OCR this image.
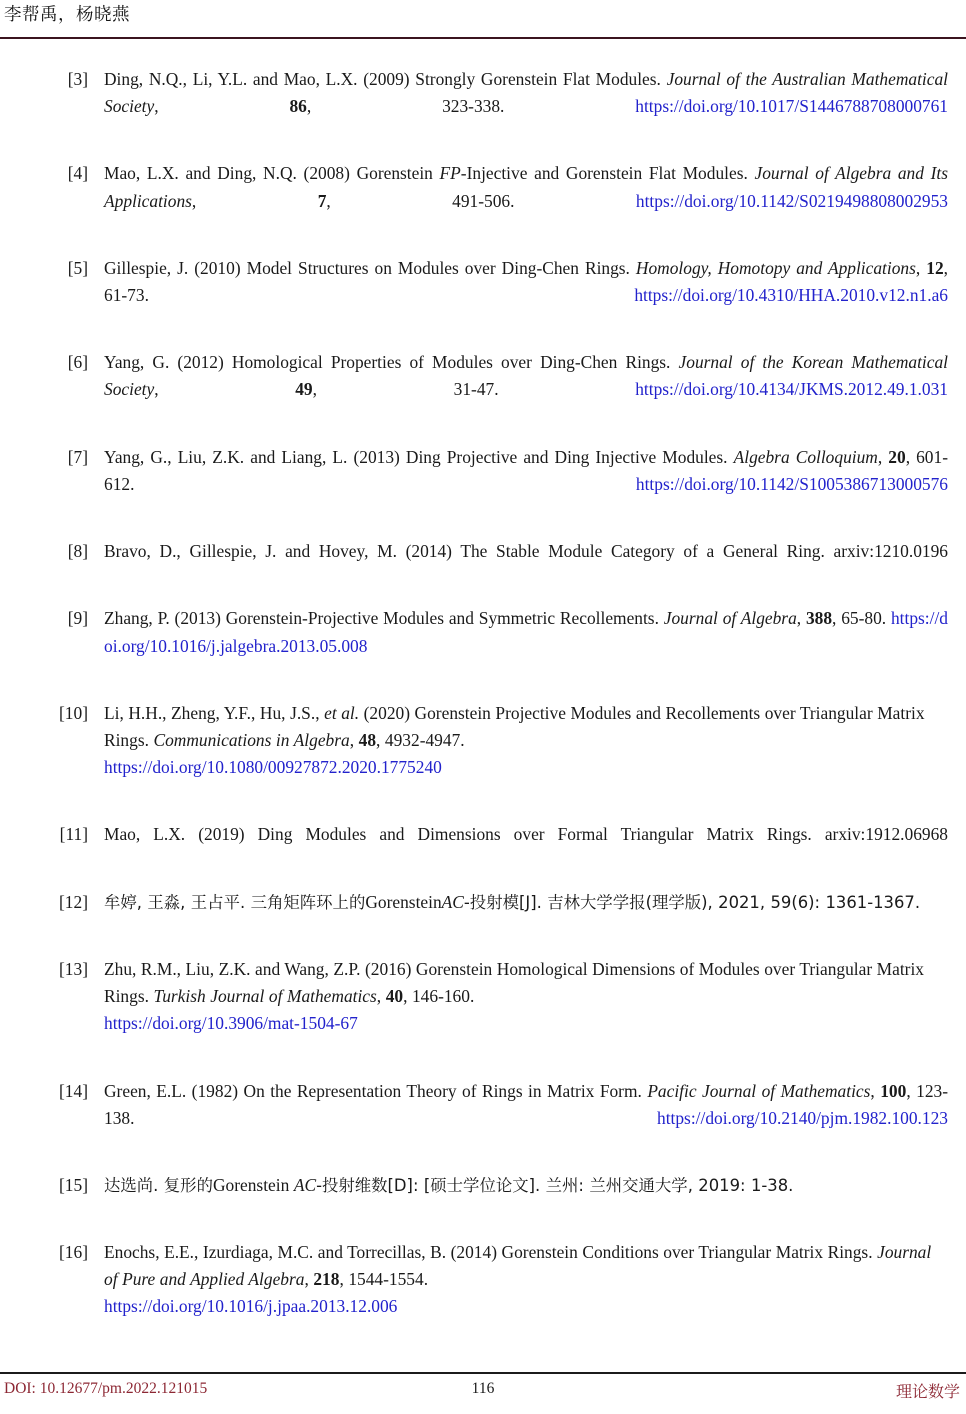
李帮禹，杨晓燕
[3] Ding, N.Q., Li, Y.L. and Mao, L.X. (2009) Strongly Gorenstein Flat Modules. Journal of the Australian Mathematical Society, 86, 323-338. https://doi.org/10.1017/S1446788708000761
[4] Mao, L.X. and Ding, N.Q. (2008) Gorenstein FP-Injective and Gorenstein Flat Modules. Journal of Algebra and Its Applications, 7, 491-506. https://doi.org/10.1142/S0219498808002953
[5] Gillespie, J. (2010) Model Structures on Modules over Ding-Chen Rings. Homology, Homotopy and Applications, 12, 61-73. https://doi.org/10.4310/HHA.2010.v12.n1.a6
[6] Yang, G. (2012) Homological Properties of Modules over Ding-Chen Rings. Journal of the Korean Mathematical Society, 49, 31-47. https://doi.org/10.4134/JKMS.2012.49.1.031
[7] Yang, G., Liu, Z.K. and Liang, L. (2013) Ding Projective and Ding Injective Modules. Algebra Colloquium, 20, 601-612. https://doi.org/10.1142/S1005386713000576
[8] Bravo, D., Gillespie, J. and Hovey, M. (2014) The Stable Module Category of a General Ring. arxiv:1210.0196
[9] Zhang, P. (2013) Gorenstein-Projective Modules and Symmetric Recollements. Journal of Algebra, 388, 65-80. https://doi.org/10.1016/j.jalgebra.2013.05.008
[10] Li, H.H., Zheng, Y.F., Hu, J.S., et al. (2020) Gorenstein Projective Modules and Recollements over Triangular Matrix Rings. Communications in Algebra, 48, 4932-4947.
https://doi.org/10.1080/00927872.2020.1775240
[11] Mao, L.X. (2019) Ding Modules and Dimensions over Formal Triangular Matrix Rings. arxiv:1912.06968
[12] 牟婷, 王淼, 王占平. 三角矩阵环上的GorensteinAC-投射模[J]. 吉林大学学报(理学版), 2021, 59(6): 1361-1367.
[13] Zhu, R.M., Liu, Z.K. and Wang, Z.P. (2016) Gorenstein Homological Dimensions of Modules over Triangular Matrix Rings. Turkish Journal of Mathematics, 40, 146-160.
https://doi.org/10.3906/mat-1504-67
[14] Green, E.L. (1982) On the Representation Theory of Rings in Matrix Form. Pacific Journal of Mathematics, 100, 123-138. https://doi.org/10.2140/pjm.1982.100.123
[15] 达选尚. 复形的Gorenstein AC-投射维数[D]: [硕士学位论文]. 兰州: 兰州交通大学, 2019: 1-38.
[16] Enochs, E.E., Izurdiaga, M.C. and Torrecillas, B. (2014) Gorenstein Conditions over Triangular Matrix Rings. Journal of Pure and Applied Algebra, 218, 1544-1554.
https://doi.org/10.1016/j.jpaa.2013.12.006
DOI: 10.12677/pm.2022.121015	116	理论数学
